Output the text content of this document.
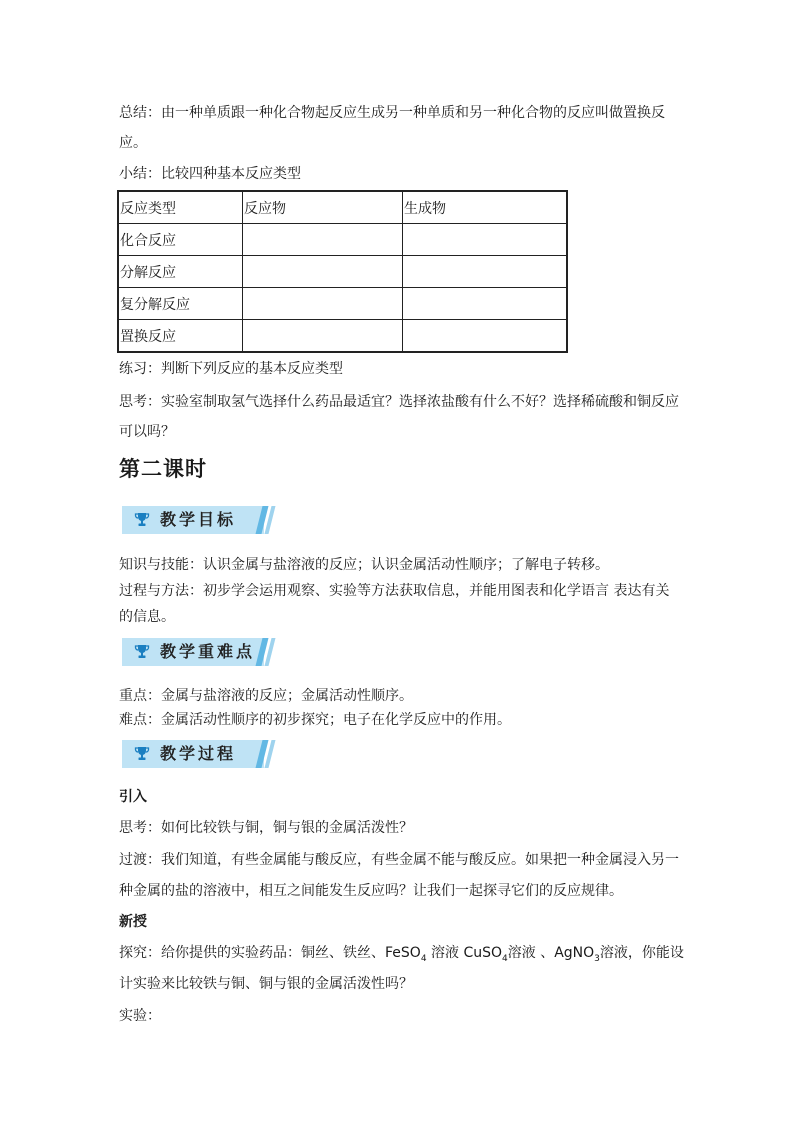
总结：由一种单质跟一种化合物起反应生成另一种单质和另一种化合物的反应叫做置换反
应。
小结：比较四种基本反应类型
反应类型	反应物	生成物
化合反应		
分解反应		
复分解反应		
置换反应		
练习：判断下列反应的基本反应类型
思考：实验室制取氢气选择什么药品最适宜？选择浓盐酸有什么不好？选择稀硫酸和铜反应
可以吗？
第二课时
教学目标
知识与技能：认识金属与盐溶液的反应；认识金属活动性顺序；了解电子转移。
过程与方法：初步学会运用观察、实验等方法获取信息，并能用图表和化学语言 表达有关
的信息。
教学重难点
重点：金属与盐溶液的反应；金属活动性顺序。
难点：金属活动性顺序的初步探究；电子在化学反应中的作用。
教学过程
引入
思考：如何比较铁与铜，铜与银的金属活泼性？
过渡：我们知道，有些金属能与酸反应，有些金属不能与酸反应。如果把一种金属浸入另一
种金属的盐的溶液中，相互之间能发生反应吗？让我们一起探寻它们的反应规律。
新授
探究：给你提供的实验药品：铜丝、铁丝、FeSO$_4$ 溶液 CuSO$_4$溶液 、AgNO$_3$溶液，你能设
计实验来比较铁与铜、铜与银的金属活泼性吗？
实验：
